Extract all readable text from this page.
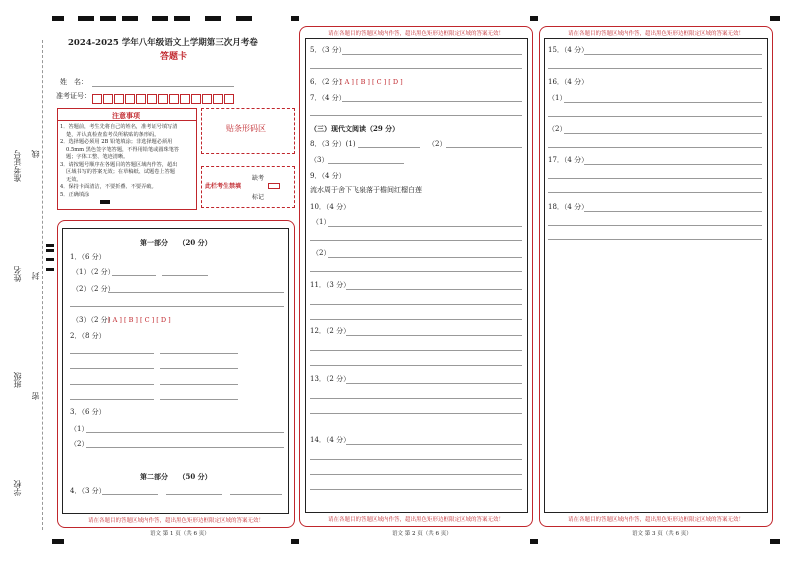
准考证号 线
姓名 封
班级
密
学校
2024-2025 学年八年级语文上学期第三次月考卷
答题卡
姓　名：
准考证号：
注意事项
1．答题前，考生先将自己的姓名，准考证号填写清
楚，并认真检查监考员所粘贴的条形码。
2．选择题必须用 2B 铅笔填涂；非选择题必须用
0.5mm 黑色签字笔答题，不得用铅笔或圆珠笔答
题；字体工整、笔迹清晰。
3．请按题号顺序在各题目的答题区域内作答，超出
区域书写的答案无效；在草稿纸、试题卷上答题
无效。
4．保持卡面清洁，不要折叠、不要弄破。
5．正确填涂
贴条形码区
此栏考生禁填
缺考
标记
第一部分　　（20 分）
1．（6 分）
（1）（2 分）
（2）（2 分）
（3）（2 分）
[ A ] [ B ] [ C ] [ D ]
2．（8 分）
3．（6 分）
（1）
（2）
第二部分　　（50 分）
4．（3 分）
请在各题目的答题区域内作答，超出黑色矩形边框限定区域的答案无效！
语文 第 1 页（共 6 页）
请在各题目的答题区域内作答，超出黑色矩形边框限定区域的答案无效！
5．（3 分）
6．（2 分）
[ A ] [ B ] [ C ] [ D ]
7．（4 分）
（三）现代文阅读（29 分）
8．（3 分）(1)	（2）
（3）
9．（4 分）
流水周于舍下飞泉落于檐间红榴白莲
10．（4 分）
（1）
（2）
11．（3 分）
12．（2 分）
13．（2 分）
14．（4 分）
请在各题目的答题区域内作答，超出黑色矩形边框限定区域的答案无效！
语文 第 2 页（共 6 页）
请在各题目的答题区域内作答，超出黑色矩形边框限定区域的答案无效！
15．（4 分）
16．（4 分）
（1）
（2）
17．（4 分）
18．（4 分）
请在各题目的答题区域内作答，超出黑色矩形边框限定区域的答案无效！
语文 第 3 页（共 6 页）
